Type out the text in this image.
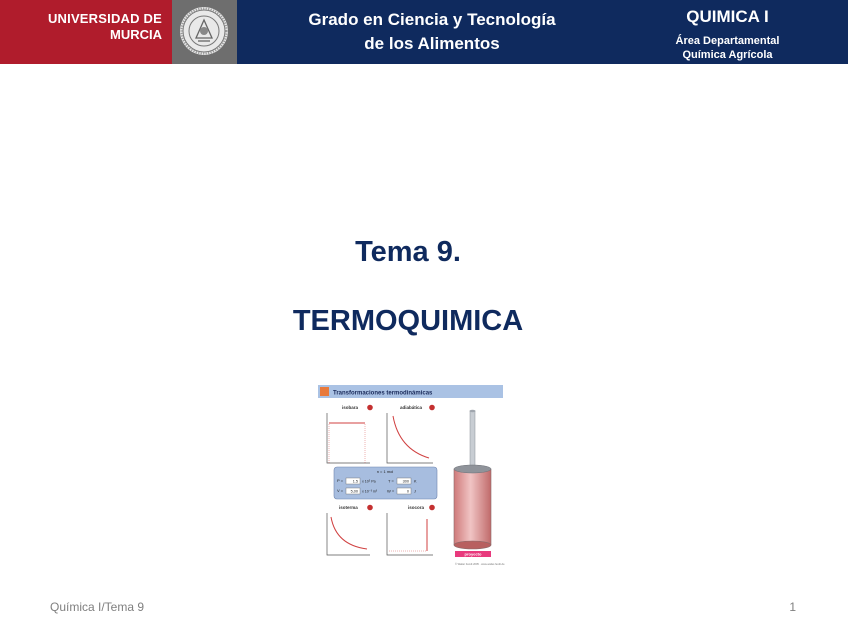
UNIVERSIDAD DE
MURCIA
Grado en Ciencia y Tecnología
de los Alimentos
QUIMICA I
Área Departamental
Química Agrícola
Tema 9.
TERMOQUIMICA
Transformaciones termodinámicas
isobara	adiabática
n = 1 mol
P =	1.5 x 10⁵ Pa	T = 300 K
V = 5,00 x 10⁻³ m³ W =	0 J
isoterma	isocora
proyecto
© Walter Fendt 2005 · www.walter-fendt.de
Química I/Tema 9	1
